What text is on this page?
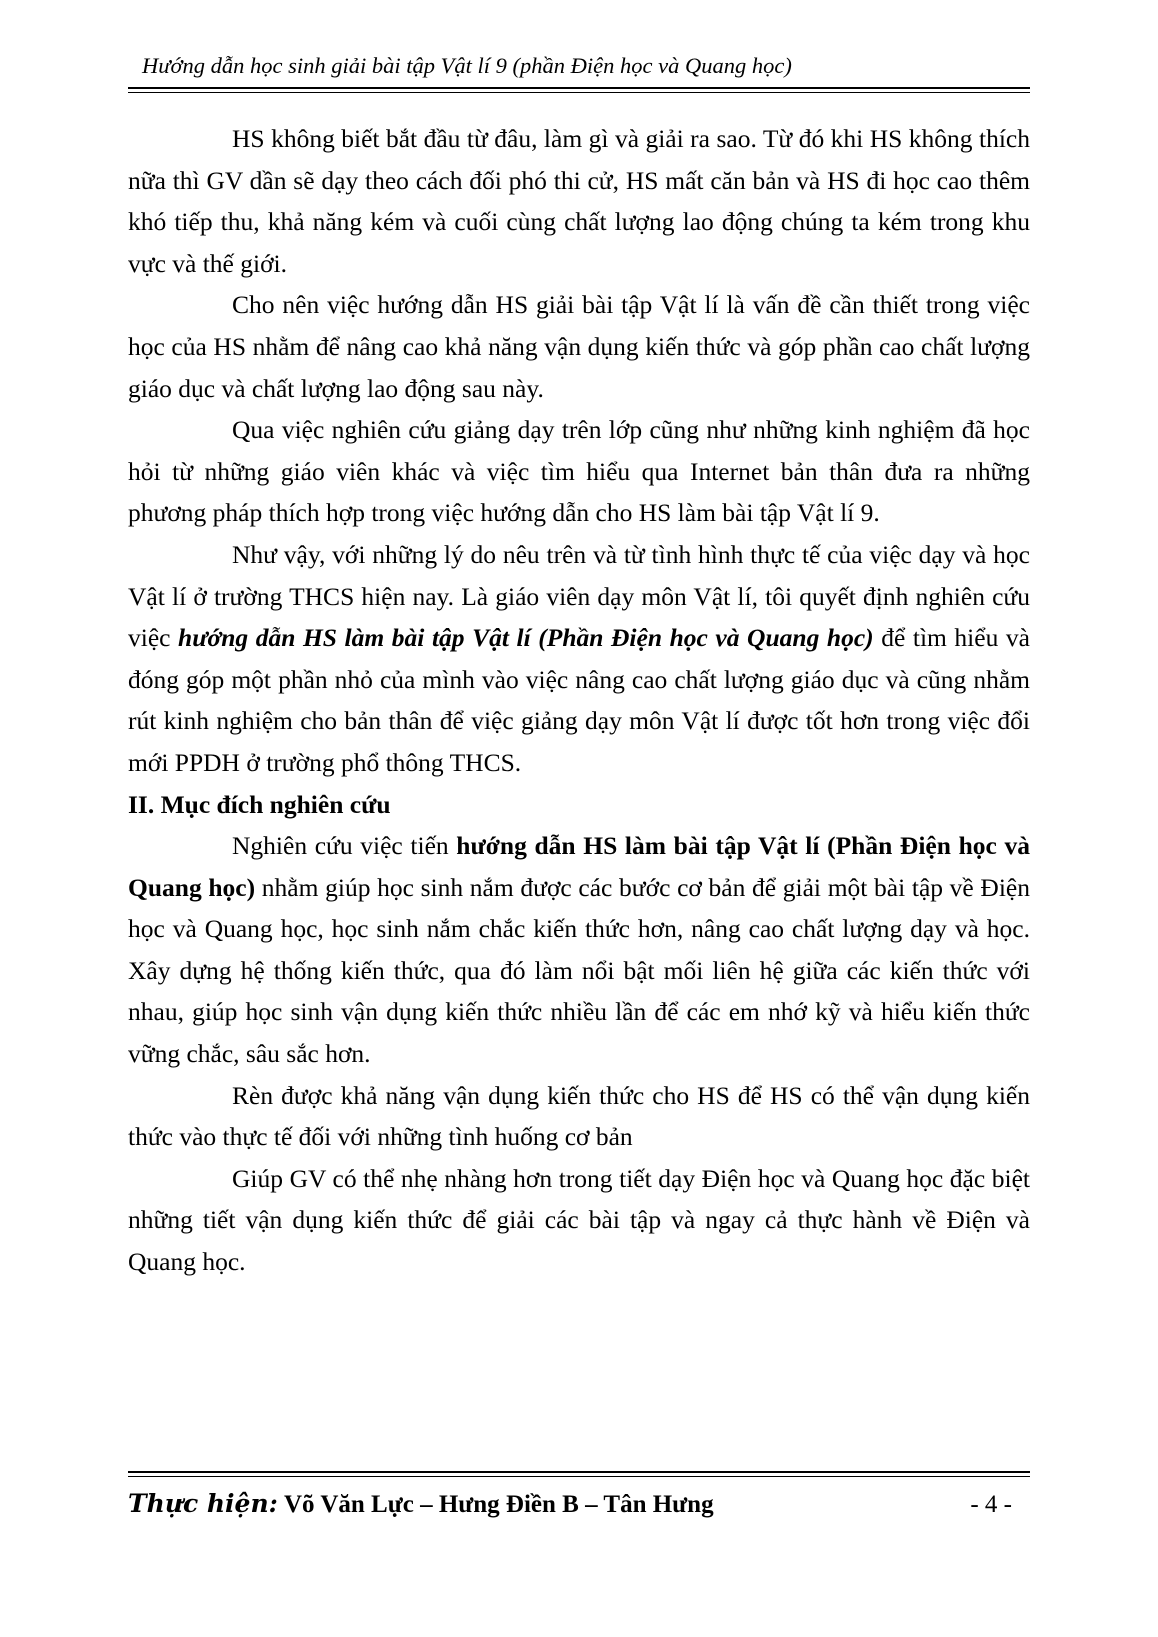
Hướng dẫn học sinh giải bài tập Vật lí 9 (phần Điện học và Quang học)

HS không biết bắt đầu từ đâu, làm gì và giải ra sao. Từ đó khi HS không thích nữa thì GV dần sẽ dạy theo cách đối phó thi cử, HS mất căn bản và HS đi học cao thêm khó tiếp thu, khả năng kém và cuối cùng chất lượng lao động chúng ta kém trong khu vực và thế giới.

Cho nên việc hướng dẫn HS giải bài tập Vật lí là vấn đề cần thiết trong việc học của HS nhằm để nâng cao khả năng vận dụng kiến thức và góp phần cao chất lượng giáo dục và chất lượng lao động sau này.

Qua việc nghiên cứu giảng dạy trên lớp cũng như những kinh nghiệm đã học hỏi từ những giáo viên khác và việc tìm hiểu qua Internet bản thân đưa ra những phương pháp thích hợp trong việc hướng dẫn cho HS làm bài tập Vật lí 9.

Như vậy, với những lý do nêu trên và từ tình hình thực tế của việc dạy và học Vật lí ở trường THCS hiện nay. Là giáo viên dạy môn Vật lí, tôi quyết định nghiên cứu việc hướng dẫn HS làm bài tập Vật lí (Phần Điện học và Quang học) để tìm hiểu và đóng góp một phần nhỏ của mình vào việc nâng cao chất lượng giáo dục và cũng nhằm rút kinh nghiệm cho bản thân để việc giảng dạy môn Vật lí được tốt hơn trong việc đổi mới PPDH ở trường phổ thông THCS.

II. Mục đích nghiên cứu

Nghiên cứu việc tiến hướng dẫn HS làm bài tập Vật lí (Phần Điện học và Quang học) nhằm giúp học sinh nắm được các bước cơ bản để giải một bài tập về Điện học và Quang học, học sinh nắm chắc kiến thức hơn, nâng cao chất lượng dạy và học. Xây dựng hệ thống kiến thức, qua đó làm nổi bật mối liên hệ giữa các kiến thức với nhau, giúp học sinh vận dụng kiến thức nhiều lần để các em nhớ kỹ và hiểu kiến thức vững chắc, sâu sắc hơn.

Rèn được khả năng vận dụng kiến thức cho HS để HS có thể vận dụng kiến thức vào thực tế đối với những tình huống cơ bản

Giúp GV có thể nhẹ nhàng hơn trong tiết dạy Điện học và Quang học đặc biệt những tiết vận dụng kiến thức để giải các bài tập và ngay cả thực hành về Điện và Quang học.

Thực hiện: Võ Văn Lực – Hưng Điền B – Tân Hưng	- 4 -
